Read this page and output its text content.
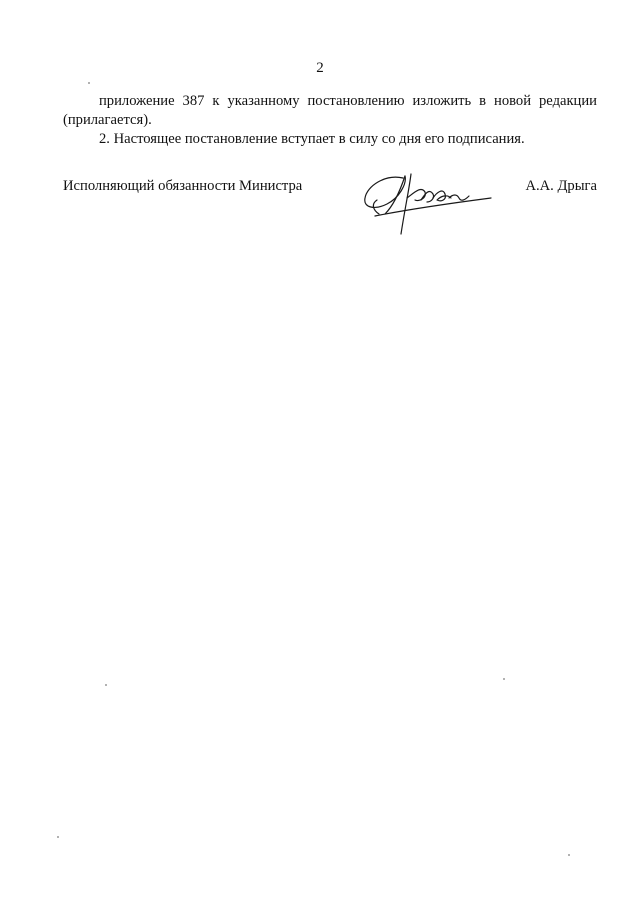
2

приложение 387 к указанному постановлению изложить в новой редакции (прилагается).

2. Настоящее постановление вступает в силу со дня его подписания.

Исполняющий обязанности Министра	А.А. Дрыга
